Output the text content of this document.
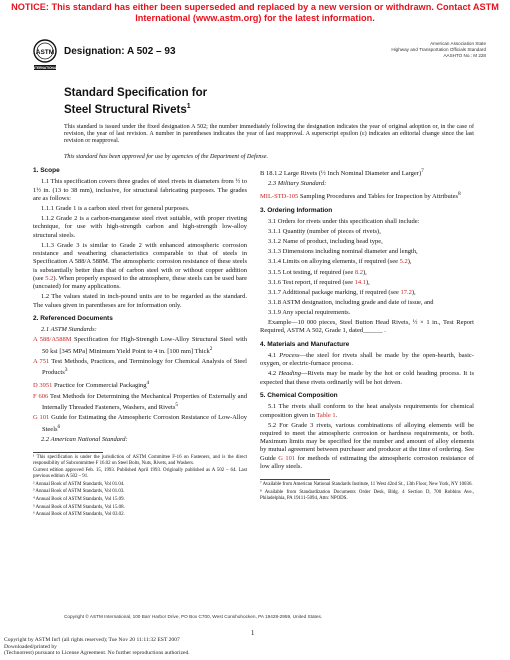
NOTICE: This standard has either been superseded and replaced by a new version or withdrawn. Contact ASTM
International (www.astm.org) for the latest information.
ASTM
INTERNATIONAL
Designation: A 502 – 93
American Association State
Highway and Transportation Officials Standard
AASHTO No.: M 228
Standard Specification for
Steel Structural Rivets$^1$
This standard is issued under the fixed designation A 502; the number immediately following the designation indicates the year of original adoption or, in the case of revision, the year of last revision. A number in parentheses indicates the year of last reapproval. A superscript epsilon (ε) indicates an editorial change since the last revision or reapproval.
This standard has been approved for use by agencies of the Department of Defense.
1. Scope

1.1 This specification covers three grades of steel rivets in diameters from ½ to 1½ in. (13 to 38 mm), inclusive, for structural fabricating purposes. The grades are as follows:

1.1.1 Grade 1 is a carbon steel rivet for general purposes.

1.1.2 Grade 2 is a carbon-manganese steel rivet suitable, with proper riveting technique, for use with high-strength carbon and high-strength low-alloy structural steels.

1.1.3 Grade 3 is similar to Grade 2 with enhanced atmospheric corrosion resistance and weathering characteristics comparable to that of steels in Specification A 588/A 588M. The atmospheric corrosion resistance of these steels is substantially better than that of carbon steel with or without copper addition (see 5.2). When properly exposed to the atmosphere, these steels can be used bare (uncoated) for many applications.

1.2 The values stated in inch-pound units are to be regarded as the standard. The values given in parentheses are for information only.

2. Referenced Documents

2.1 ASTM Standards:

A 588/A588M Specification for High-Strength Low-Alloy Structural Steel with 50 ksi [345 MPa] Minimum Yield Point to 4 in. [100 mm] Thick$^2$

A 751 Test Methods, Practices, and Terminology for Chemical Analysis of Steel Products$^3$

D 3951 Practice for Commercial Packaging$^4$

F 606 Test Methods for Determining the Mechanical Properties of Externally and Internally Threaded Fasteners, Washers, and Rivets$^5$

G 101 Guide for Estimating the Atmospheric Corrosion Resistance of Low-Alloy Steels$^6$

2.2 American National Standard:

¹ This specification is under the jurisdiction of ASTM Committee F-16 on Fasteners, and is the direct responsibility of Subcommittee F 16.02 on Steel Bolts, Nuts, Rivets, and Washers.

Current edition approved Feb. 15, 1993. Published April 1993. Originally published as A 502 – 64. Last previous edition A 502 – 91.

² Annual Book of ASTM Standards, Vol 01.04.

³ Annual Book of ASTM Standards, Vol 01.03.

⁴ Annual Book of ASTM Standards, Vol 15.09.

⁵ Annual Book of ASTM Standards, Vol 15.08.

⁶ Annual Book of ASTM Standards, Vol 03.02.

B 18.1.2 Large Rivets (½ Inch Nominal Diameter and Larger)$^7$

2.3 Military Standard:

MIL-STD-105 Sampling Procedures and Tables for Inspection by Attributes$^8$

3. Ordering Information

3.1 Orders for rivets under this specification shall include:

3.1.1 Quantity (number of pieces of rivets),

3.1.2 Name of product, including head type,

3.1.3 Dimensions including nominal diameter and length,

3.1.4 Limits on alloying elements, if required (see 5.2),

3.1.5 Lot testing, if required (see 8.2),

3.1.6 Test report, if required (see 14.1),

3.1.7 Additional package marking, if required (see 17.2),

3.1.8 ASTM designation, including grade and date of issue, and

3.1.9 Any special requirements.

Example—10 000 pieces, Steel Button Head Rivets, ½ × 1 in., Test Report Required, ASTM A 502, Grade 1, dated______ .

4. Materials and Manufacture

4.1 Process—the steel for rivets shall be made by the open-hearth, basic-oxygen, or electric-furnace process.

4.2 Heading—Rivets may be made by the hot or cold heading process. It is expected that these rivets ordinarily will be hot driven.

5. Chemical Composition

5.1 The rivets shall conform to the heat analysis requirements for chemical composition given in Table 1.

5.2 For Grade 3 rivets, various combinations of alloying elements will be required to meet the atmospheric corrosion or hardness requirements, or both. Maximum limits may be specified for the number and amount of alloy elements by mutual agreement between purchaser and producer at the time of ordering. See Guide G 101 for methods of estimating the atmospheric corrosion resistance of low alloy steels.

⁷ Available from American National Standards Institute, 11 West 42nd St., 13th Floor, New York, NY 10036.

⁸ Available from Standardization Documents Order Desk, Bldg. 4 Section D, 700 Robbins Ave., Philadelphia, PA 19111-5094, Attn: NPODS.

Copyright © ASTM International, 100 Barr Harbor Drive, PO Box C700, West Conshohocken, PA 19428-2959, United States.
1
Copyright by ASTM Int'l (all rights reserved); Tue Nov 20 11:11:32 EST 2007
Downloaded/printed by
(Technotrest) pursuant to License Agreement. No further reproductions authorized.
